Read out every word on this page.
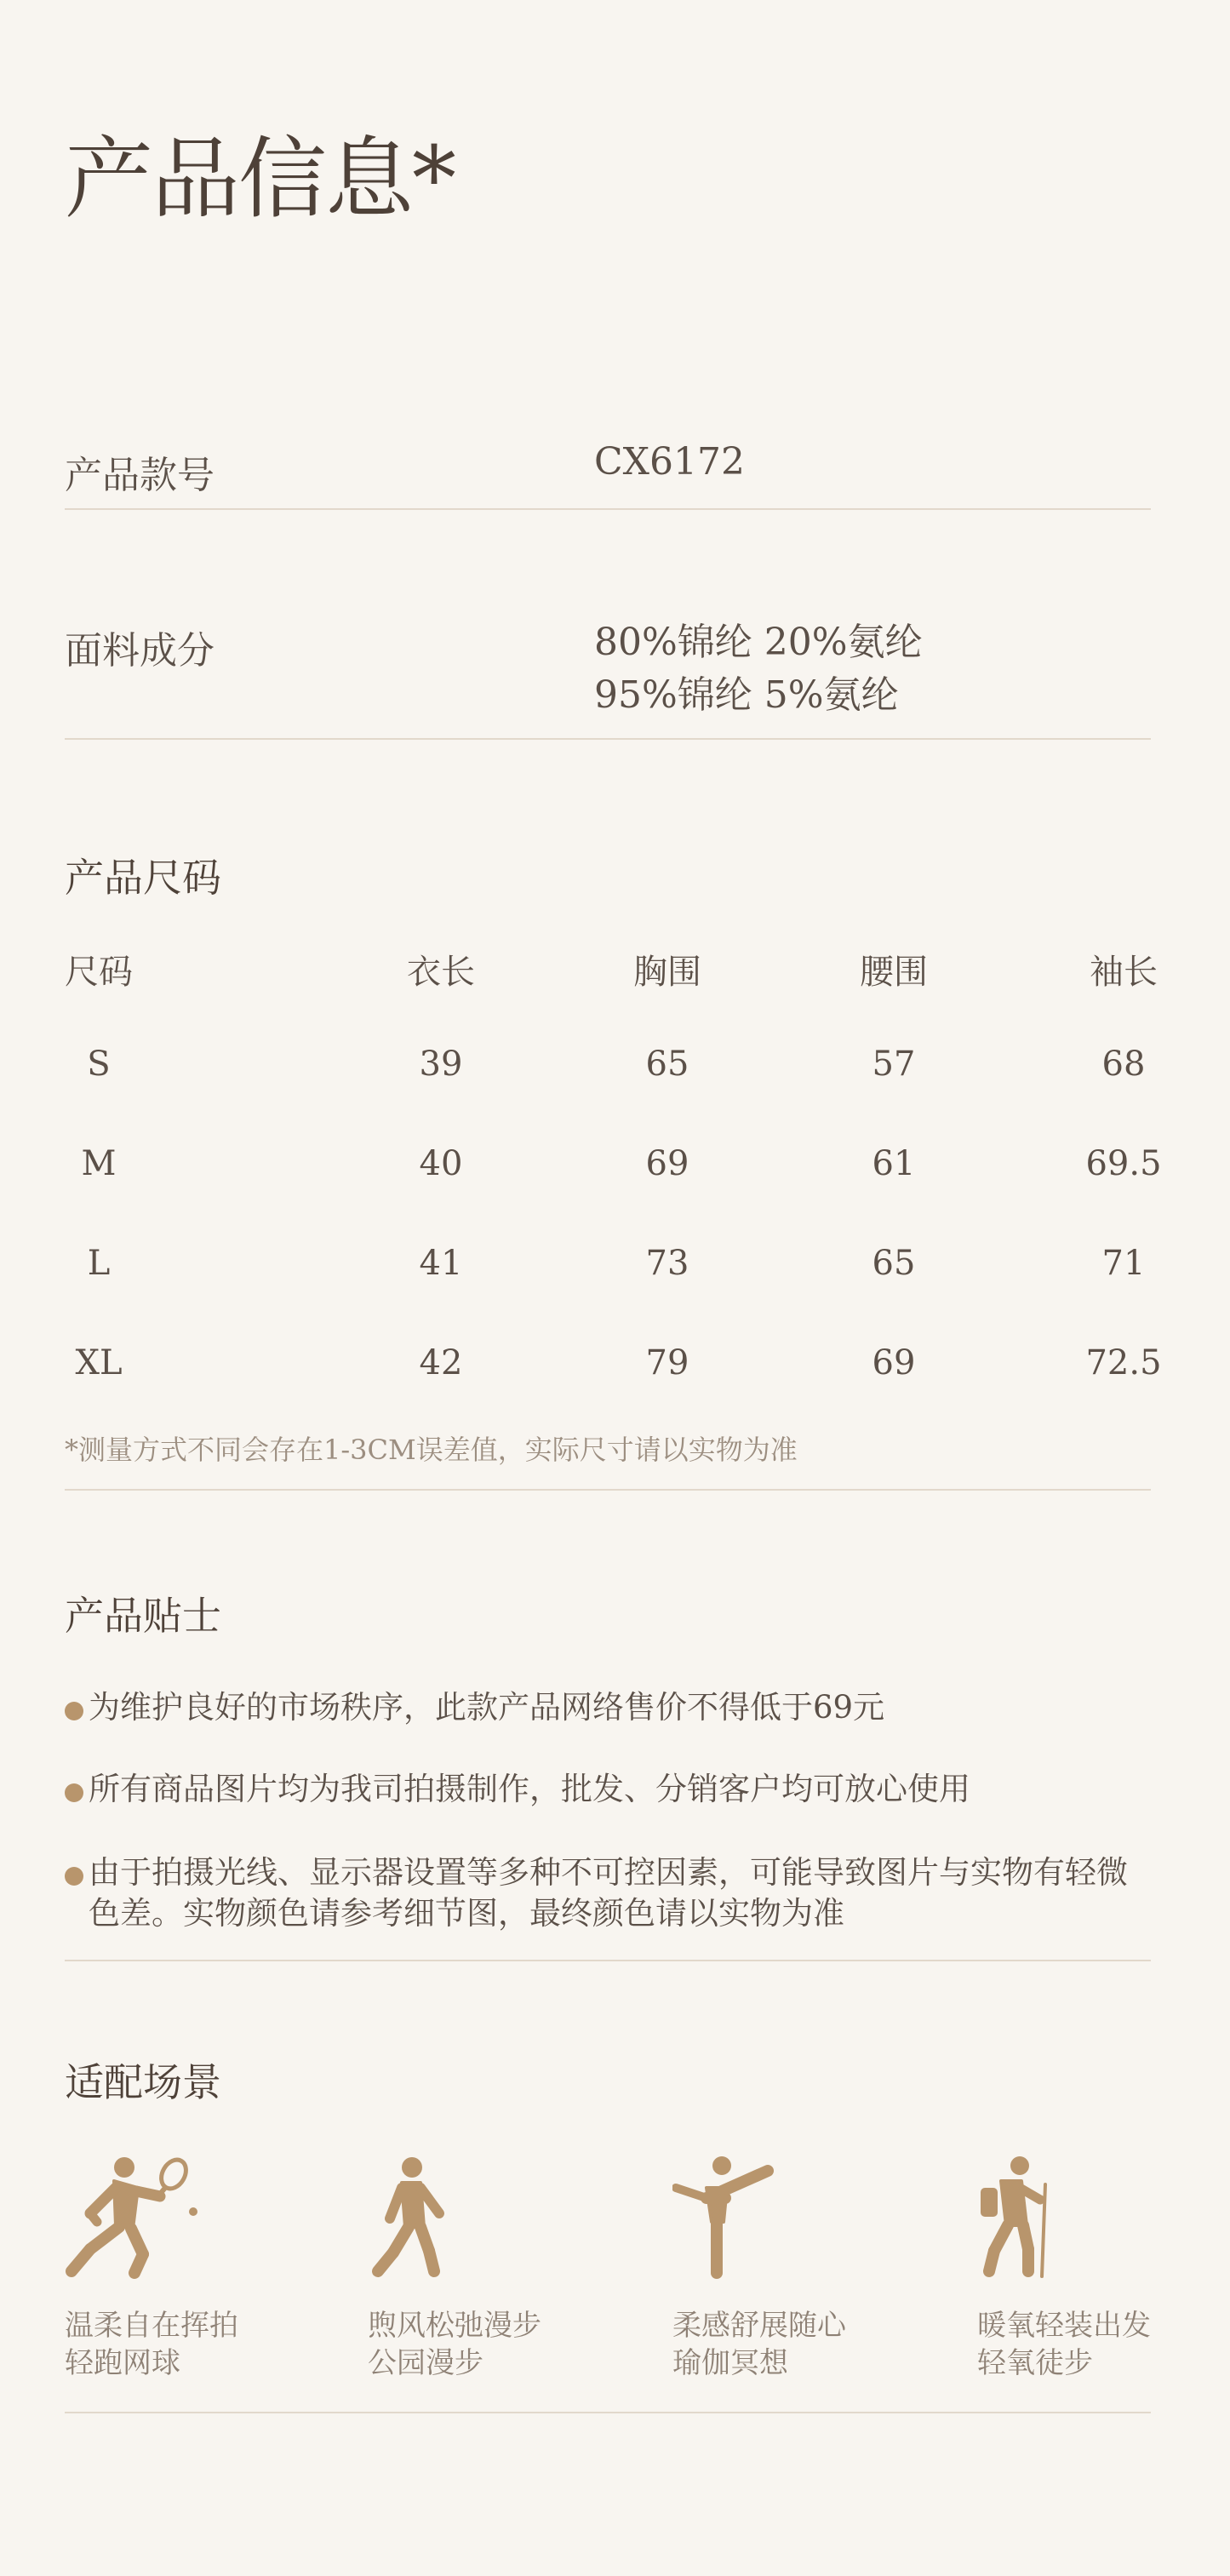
产品信息*
产品款号	CX6172
面料成分	80%锦纶 20%氨纶
95%锦纶 5%氨纶
产品尺码
尺码	衣长	胸围	腰围	袖长
S	39	65	57	68
M	40	69	61	69.5
L	41	73	65	71
XL	42	79	69	72.5
*测量方式不同会存在1-3CM误差值，实际尺寸请以实物为准
产品贴士
为维护良好的市场秩序，此款产品网络售价不得低于69元
所有商品图片均为我司拍摄制作，批发、分销客户均可放心使用
由于拍摄光线、显示器设置等多种不可控因素，可能导致图片与实物有轻微色差。实物颜色请参考细节图，最终颜色请以实物为准
适配场景
温柔自在挥拍
轻跑网球
煦风松弛漫步
公园漫步
柔感舒展随心
瑜伽冥想
暖氧轻装出发
轻氧徒步
